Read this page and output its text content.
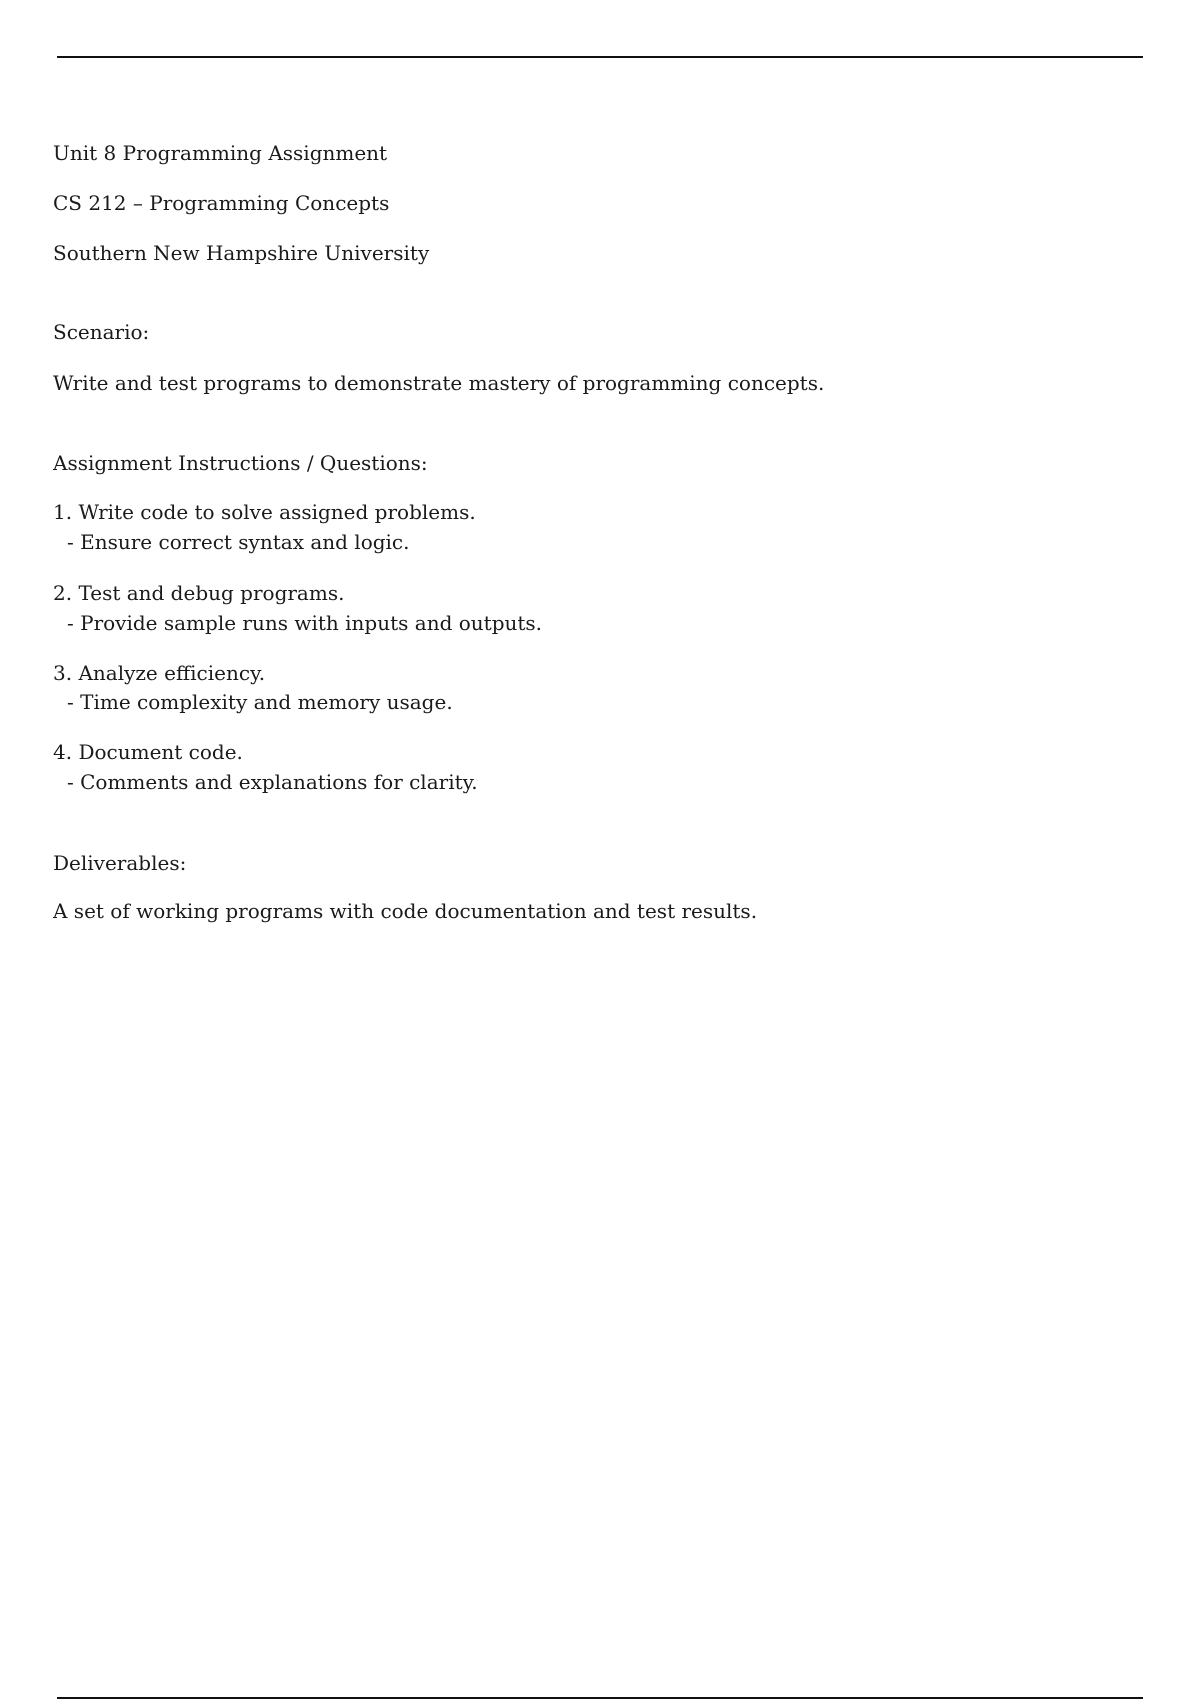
Unit 8 Programming Assignment

CS 212 – Programming Concepts

Southern New Hampshire University

Scenario:

Write and test programs to demonstrate mastery of programming concepts.

Assignment Instructions / Questions:

1. Write code to solve assigned problems.

- Ensure correct syntax and logic.

2. Test and debug programs.

- Provide sample runs with inputs and outputs.

3. Analyze efficiency.

- Time complexity and memory usage.

4. Document code.

- Comments and explanations for clarity.

Deliverables:

A set of working programs with code documentation and test results.
